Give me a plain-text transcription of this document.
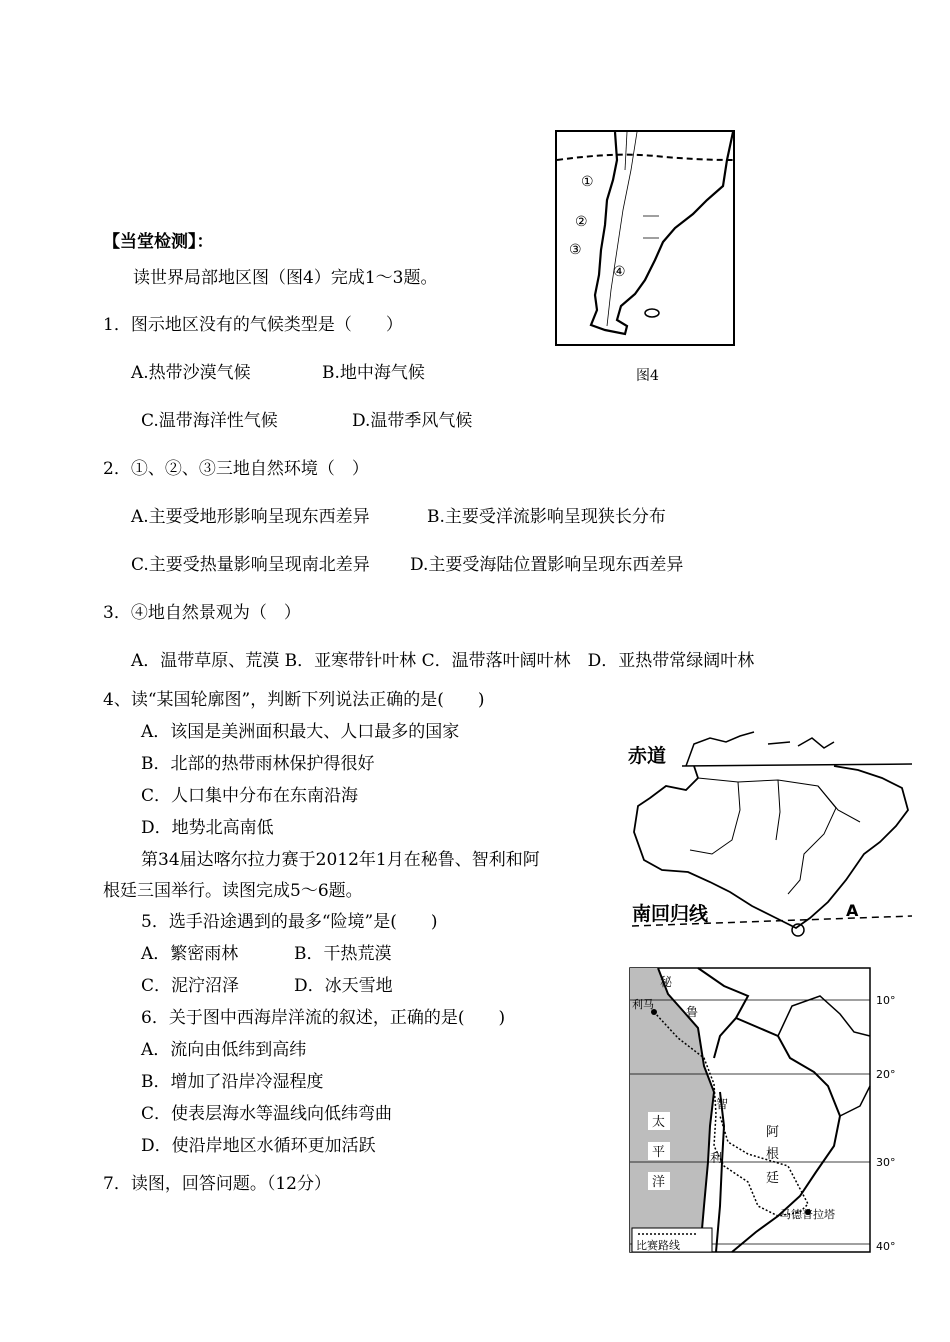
【当堂检测】：
读世界局部地区图（图4）完成1～3题。
1．图示地区没有的气候类型是（　　）
A.热带沙漠气候	B.地中海气候
C.温带海洋性气候	D.温带季风气候
2．①、②、③三地自然环境（　）
A.主要受地形影响呈现东西差异	B.主要受洋流影响呈现狭长分布
C.主要受热量影响呈现南北差异 D.主要受海陆位置影响呈现东西差异
3．④地自然景观为（　）
A．温带草原、荒漠 B．亚寒带针叶林 C．温带落叶阔叶林　D．亚热带常绿阔叶林
4、读“某国轮廓图”，判断下列说法正确的是(　　)
A．该国是美洲面积最大、人口最多的国家
B．北部的热带雨林保护得很好
C．人口集中分布在东南沿海
D．地势北高南低
第34届达喀尔拉力赛于2012年1月在秘鲁、智利和阿
根廷三国举行。读图完成5～6题。
5．选手沿途遇到的最多“险境”是(　　)
A．繁密雨林	B．干热荒漠
C．泥泞沼泽	D．冰天雪地
6．关于图中西海岸洋流的叙述，正确的是(　　)
A．流向由低纬到高纬
B．增加了沿岸冷湿程度
C．使表层海水等温线向低纬弯曲
D．使沿岸地区水循环更加活跃
7．读图，回答问题。（12分）
①
②
③
④
图4
赤道
南回归线	A
10°
20°
30°
40°
秘
鲁
利马
太
平
洋
智
利
阿
根
廷
马德普拉塔
比赛路线
